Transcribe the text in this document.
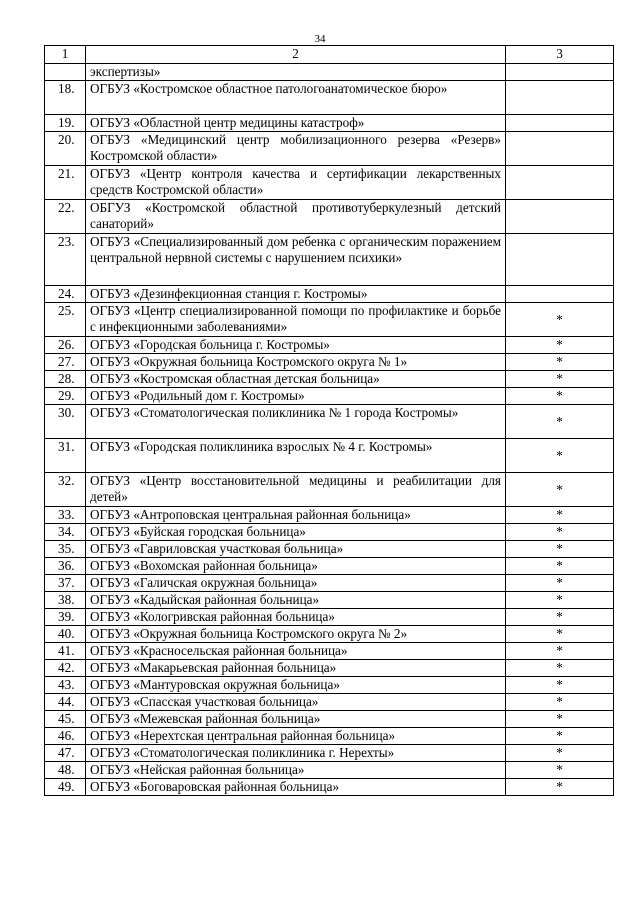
34
1	2	3
	экспертизы»	
18.	ОГБУЗ «Костромское областное патологоанатомическое бюро»	
19.	ОГБУЗ «Областной центр медицины катастроф»	
20.	ОГБУЗ «Медицинский центр мобилизационного резерва «Резерв» Костромской области»	
21.	ОГБУЗ «Центр контроля качества и сертификации лекарственных средств Костромской области»	
22.	ОБГУЗ «Костромской областной противотуберкулезный детский санаторий»	
23.	ОГБУЗ «Специализированный дом ребенка с органическим поражением центральной нервной системы с нарушением психики»	
24.	ОГБУЗ «Дезинфекционная станция г. Костромы»	
25.	ОГБУЗ «Центр специализированной помощи по профилактике и борьбе с инфекционными заболеваниями»	*
26.	ОГБУЗ «Городская больница г. Костромы»	*
27.	ОГБУЗ «Окружная больница Костромского округа № 1»	*
28.	ОГБУЗ «Костромская областная детская больница»	*
29.	ОГБУЗ «Родильный дом г. Костромы»	*
30.	ОГБУЗ «Стоматологическая поликлиника № 1 города Костромы»	*
31.	ОГБУЗ «Городская поликлиника взрослых № 4 г. Костромы»	*
32.	ОГБУЗ «Центр восстановительной медицины и реабилитации для детей»	*
33.	ОГБУЗ «Антроповская центральная районная больница»	*
34.	ОГБУЗ «Буйская городская больница»	*
35.	ОГБУЗ «Гавриловская участковая больница»	*
36.	ОГБУЗ «Вохомская районная больница»	*
37.	ОГБУЗ «Галичская окружная больница»	*
38.	ОГБУЗ «Кадыйская районная больница»	*
39.	ОГБУЗ «Кологривская районная больница»	*
40.	ОГБУЗ «Окружная больница Костромского округа № 2»	*
41.	ОГБУЗ «Красносельская районная больница»	*
42.	ОГБУЗ «Макарьевская районная больница»	*
43.	ОГБУЗ «Мантуровская окружная больница»	*
44.	ОГБУЗ «Спасская участковая больница»	*
45.	ОГБУЗ «Межевская районная больница»	*
46.	ОГБУЗ «Нерехтская центральная районная больница»	*
47.	ОГБУЗ «Стоматологическая поликлиника г. Нерехты»	*
48.	ОГБУЗ «Нейская районная больница»	*
49.	ОГБУЗ «Боговаровская районная больница»	*
